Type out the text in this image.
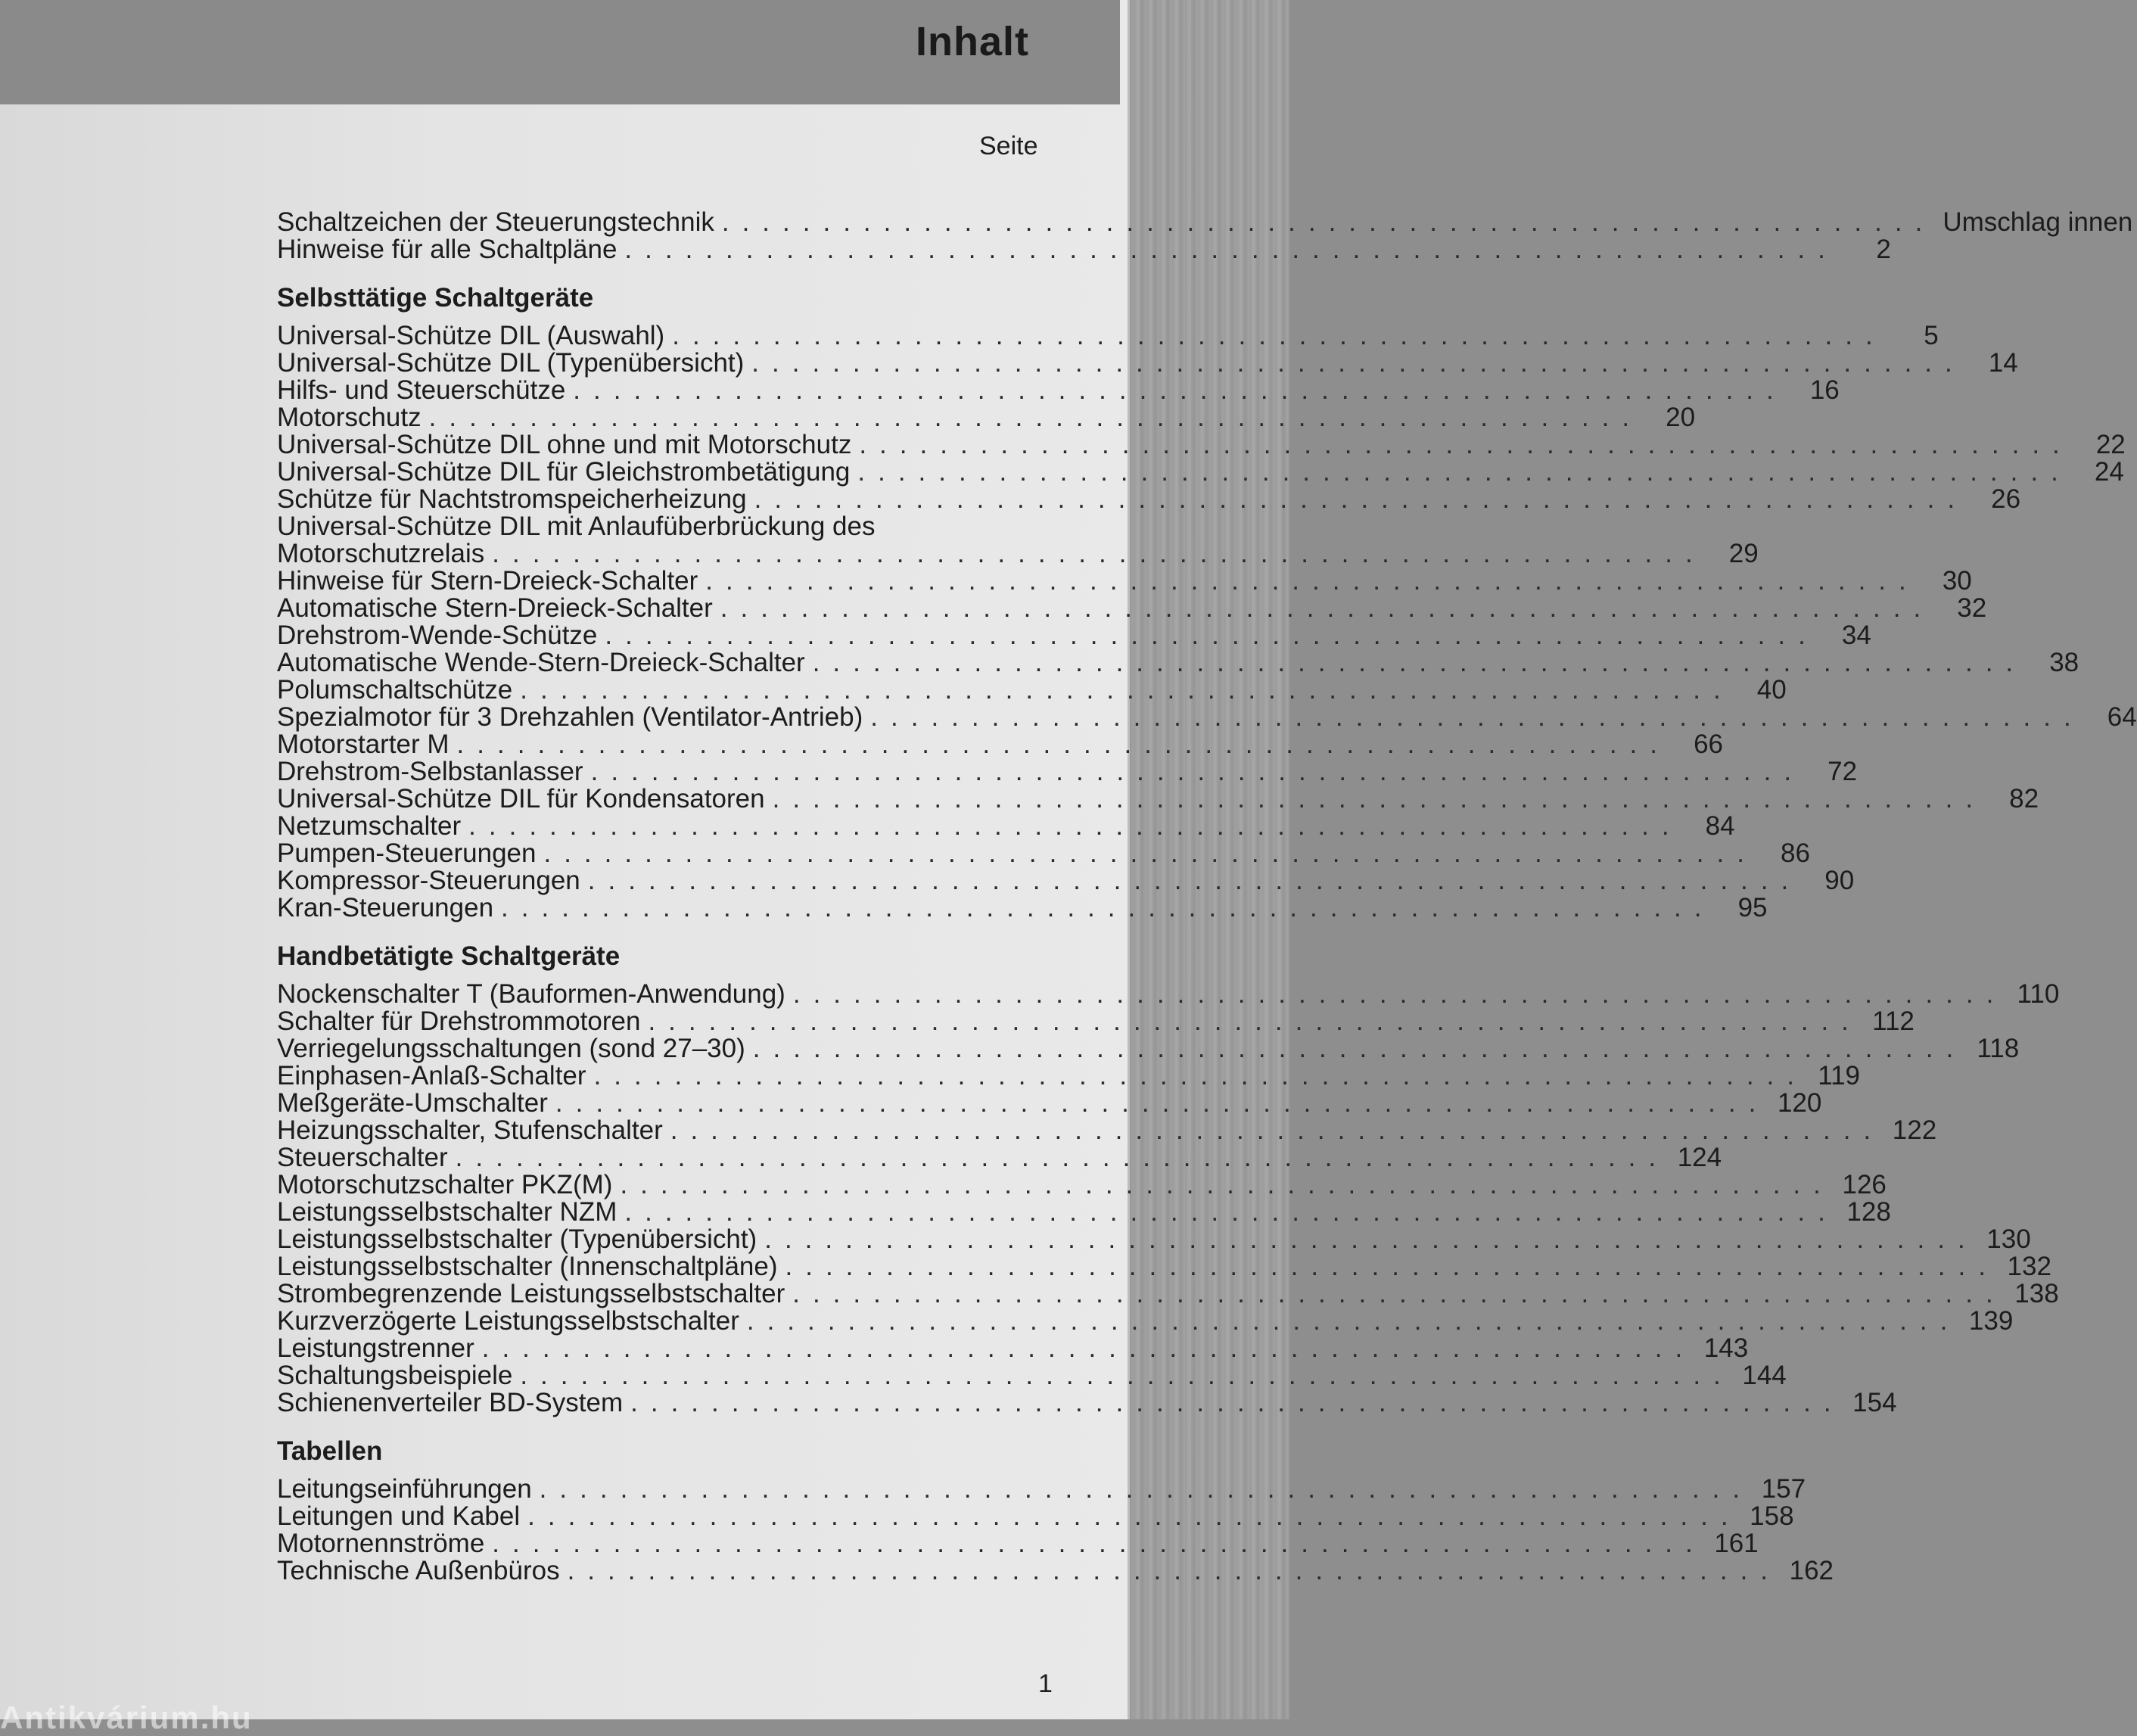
Inhalt
Seite
Schaltzeichen der Steuerungstechnik ............................................................ Umschlag innen
Hinweise für alle Schaltpläne ............................................................	2
Selbsttätige Schaltgeräte
Universal-Schütze DIL (Auswahl) ............................................................	5
Universal-Schütze DIL (Typenübersicht) ............................................................ 14
Hilfs- und Steuerschütze ............................................................ 16
Motorschutz ............................................................ 20
Universal-Schütze DIL ohne und mit Motorschutz ............................................................ 22
Universal-Schütze DIL für Gleichstrombetätigung ............................................................ 24
Schütze für Nachtstromspeicherheizung ............................................................ 26
Universal-Schütze DIL mit Anlaufüberbrückung des
Motorschutzrelais ............................................................ 29
Hinweise für Stern-Dreieck-Schalter ............................................................ 30
Automatische Stern-Dreieck-Schalter ............................................................ 32
Drehstrom-Wende-Schütze ............................................................ 34
Automatische Wende-Stern-Dreieck-Schalter ............................................................ 38
Polumschaltschütze ............................................................ 40
Spezialmotor für 3 Drehzahlen (Ventilator-Antrieb) ............................................................ 64
Motorstarter M ............................................................ 66
Drehstrom-Selbstanlasser ............................................................ 72
Universal-Schütze DIL für Kondensatoren ............................................................ 82
Netzumschalter ............................................................ 84
Pumpen-Steuerungen ............................................................ 86
Kompressor-Steuerungen ............................................................ 90
Kran-Steuerungen ............................................................ 95
Handbetätigte Schaltgeräte
Nockenschalter T (Bauformen-Anwendung) ............................................................ 110
Schalter für Drehstrommotoren ............................................................ 112
Verriegelungsschaltungen (sond 27–30) ............................................................ 118
Einphasen-Anlaß-Schalter ............................................................ 119
Meßgeräte-Umschalter ............................................................ 120
Heizungsschalter, Stufenschalter ............................................................ 122
Steuerschalter ............................................................ 124
Motorschutzschalter PKZ(M) ............................................................ 126
Leistungsselbstschalter NZM ............................................................ 128
Leistungsselbstschalter (Typenübersicht) ............................................................ 130
Leistungsselbstschalter (Innenschaltpläne) ............................................................ 132
Strombegrenzende Leistungsselbstschalter ............................................................ 138
Kurzverzögerte Leistungsselbstschalter ............................................................ 139
Leistungstrenner ............................................................ 143
Schaltungsbeispiele ............................................................ 144
Schienenverteiler BD-System ............................................................ 154
Tabellen
Leitungseinführungen ............................................................ 157
Leitungen und Kabel ............................................................ 158
Motornennströme ............................................................ 161
Technische Außenbüros ............................................................ 162
1
Antikvárium.hu
